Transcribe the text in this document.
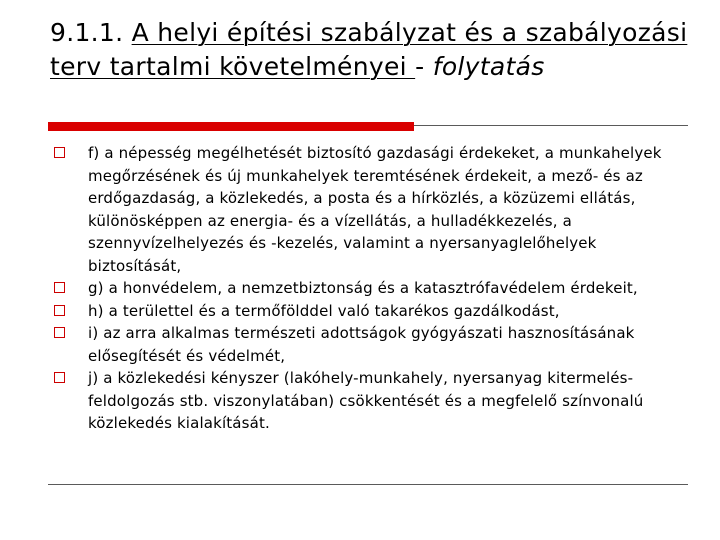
9.1.1. A helyi építési szabályzat és a szabályozási terv tartalmi követelményei - folytatás
f) a népesség megélhetését biztosító gazdasági érdekeket, a munkahelyek megőrzésének és új munkahelyek teremtésének érdekeit, a mező- és az erdőgazdaság, a közlekedés, a posta és a hírközlés, a közüzemi ellátás, különösképpen az energia- és a vízellátás, a hulladékkezelés, a szennyvízelhelyezés és -kezelés, valamint a nyersanyaglelőhelyek biztosítását,
g) a honvédelem, a nemzetbiztonság és a katasztrófavédelem érdekeit,
h) a területtel és a termőfölddel való takarékos gazdálkodást,
i) az arra alkalmas természeti adottságok gyógyászati hasznosításának elősegítését és védelmét,
j) a közlekedési kényszer (lakóhely-munkahely, nyersanyag kitermelés-feldolgozás stb. viszonylatában) csökkentését és a megfelelő színvonalú közlekedés kialakítását.
